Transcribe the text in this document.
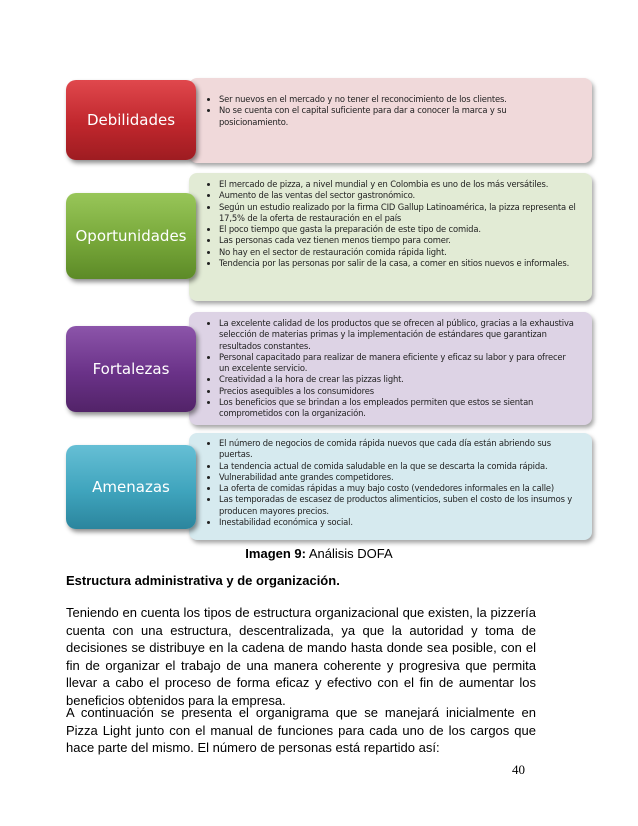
• Ser nuevos en el mercado y no tener el reconocimiento de los clientes.
• No se cuenta con el capital suficiente para dar a conocer la marca y su posicionamiento.
Debilidades
• El mercado de pizza, a nivel mundial y en Colombia es uno de los más versátiles.
• Aumento de las ventas del sector gastronómico.
• Según un estudio realizado por la firma CID Gallup Latinoamérica, la pizza representa el 17,5% de la oferta de restauración en el país
• El poco tiempo que gasta la preparación de este tipo de comida.
• Las personas cada vez tienen menos tiempo para comer.
• No hay en el sector de restauración comida rápida light.
• Tendencia por las personas por salir de la casa, a comer en sitios nuevos e informales.
Oportunidades
• La excelente calidad de los productos que se ofrecen al público, gracias a la exhaustiva selección de materias primas y la implementación de estándares que garantizan resultados constantes.
• Personal capacitado para realizar de manera eficiente y eficaz su labor y para ofrecer un excelente servicio.
• Creatividad a la hora de crear las pizzas light.
• Precios asequibles a los consumidores
• Los beneficios que se brindan a los empleados permiten que estos se sientan comprometidos con la organización.
Fortalezas
• El número de negocios de comida rápida nuevos que cada día están abriendo sus puertas.
• La tendencia actual de comida saludable en la que se descarta la comida rápida.
• Vulnerabilidad ante grandes competidores.
• La oferta de comidas rápidas a muy bajo costo (vendedores informales en la calle)
• Las temporadas de escasez de productos alimenticios, suben el costo de los insumos y producen mayores precios.
• Inestabilidad económica y social.
Amenazas
Imagen 9: Análisis DOFA
Estructura administrativa y de organización.

Teniendo en cuenta los tipos de estructura organizacional que existen, la pizzería cuenta con una estructura, descentralizada, ya que la autoridad y toma de decisiones se distribuye en la cadena de mando hasta donde sea posible, con el fin de organizar el trabajo de una manera coherente y progresiva que permita llevar a cabo el proceso de forma eficaz y efectivo con el fin de aumentar los beneficios obtenidos para la empresa.

A continuación se presenta el organigrama que se manejará inicialmente en Pizza Light junto con el manual de funciones para cada uno de los cargos que hace parte del mismo. El número de personas está repartido así:

40
